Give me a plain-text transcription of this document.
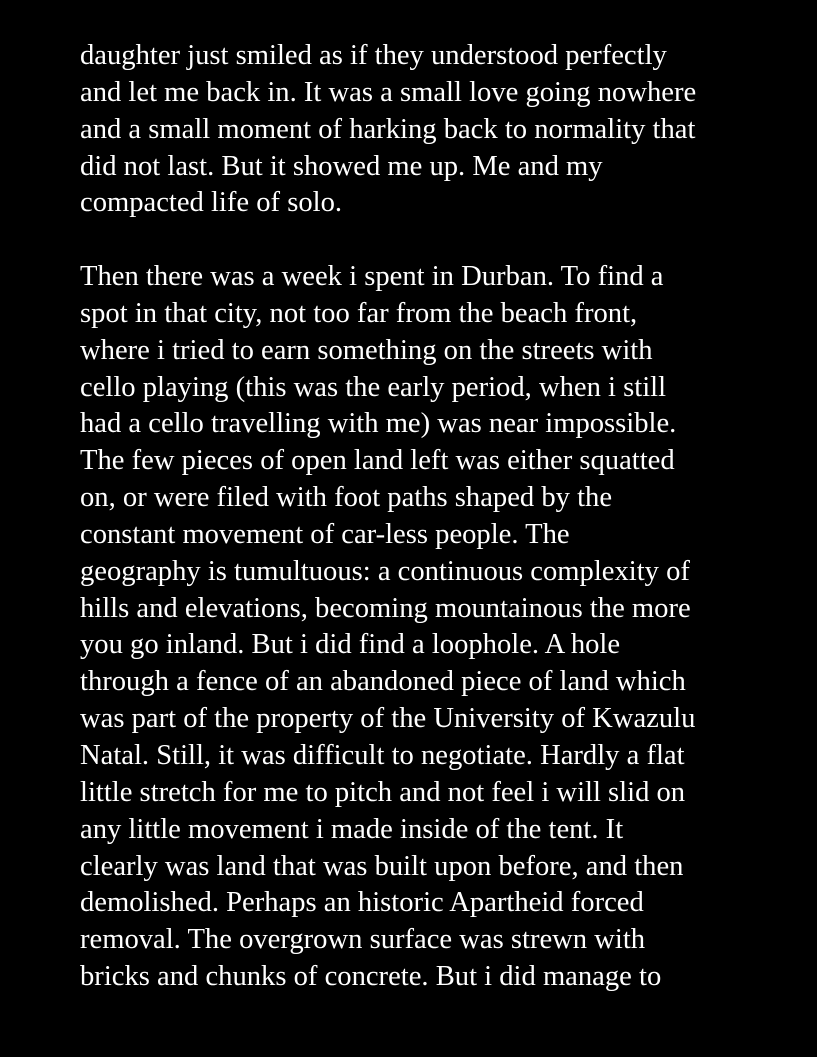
daughter just smiled as if they understood perfectly
and let me back in. It was a small love going nowhere
and a small moment of harking back to normality that
did not last. But it showed me up. Me and my
compacted life of solo.
Then there was a week i spent in Durban. To find a
spot in that city, not too far from the beach front,
where i tried to earn something on the streets with
cello playing (this was the early period, when i still
had a cello travelling with me) was near impossible.
The few pieces of open land left was either squatted
on, or were filed with foot paths shaped by the
constant movement of car-less people. The
geography is tumultuous: a continuous complexity of
hills and elevations, becoming mountainous the more
you go inland. But i did find a loophole. A hole
through a fence of an abandoned piece of land which
was part of the property of the University of Kwazulu
Natal. Still, it was difficult to negotiate. Hardly a flat
little stretch for me to pitch and not feel i will slid on
any little movement i made inside of the tent. It
clearly was land that was built upon before, and then
demolished. Perhaps an historic Apartheid forced
removal. The overgrown surface was strewn with
bricks and chunks of concrete. But i did manage to
